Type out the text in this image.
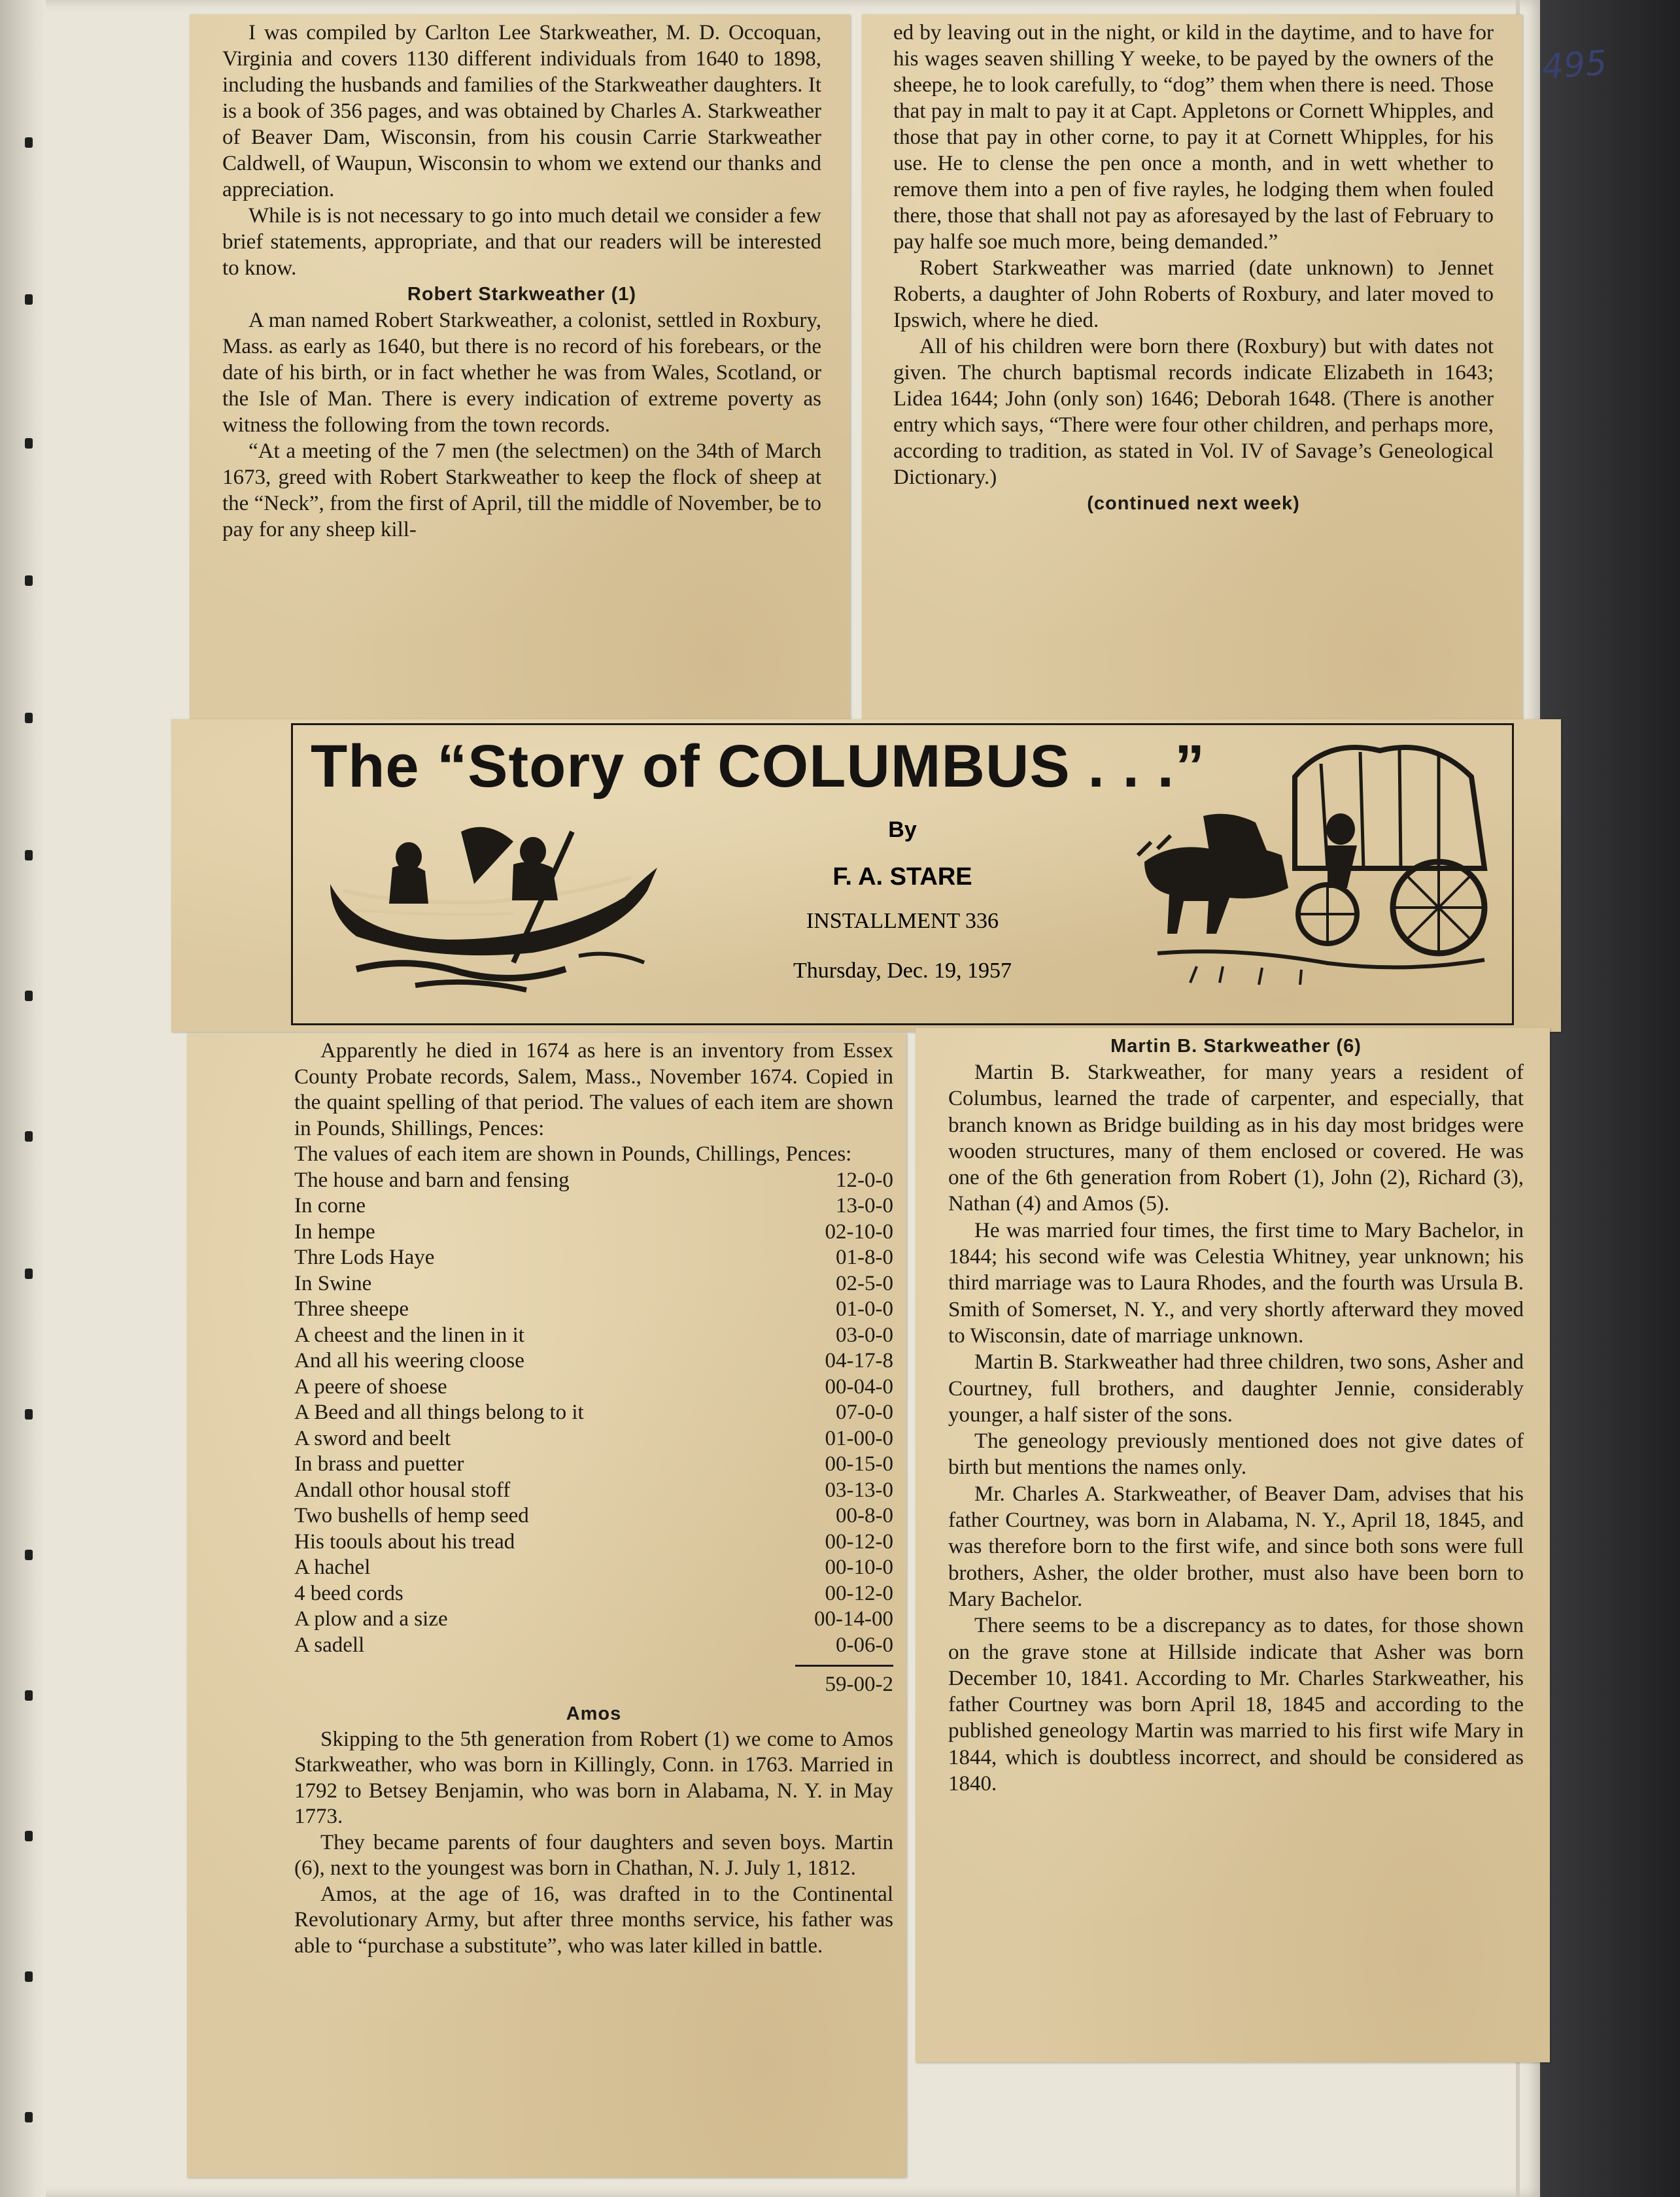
495

I was compiled by Carlton Lee Starkweather, M. D. Occoquan, Virginia and covers 1130 different individuals from 1640 to 1898, including the husbands and families of the Starkweather daughters. It is a book of 356 pages, and was obtained by Charles A. Starkweather of Beaver Dam, Wisconsin, from his cousin Carrie Starkweather Caldwell, of Waupun, Wisconsin to whom we extend our thanks and appreciation.

While is is not necessary to go into much detail we consider a few brief statements, appropriate, and that our readers will be interested to know.

Robert Starkweather (1)

A man named Robert Starkweather, a colonist, settled in Roxbury, Mass. as early as 1640, but there is no record of his forebears, or the date of his birth, or in fact whether he was from Wales, Scotland, or the Isle of Man. There is every indication of extreme poverty as witness the following from the town records.

“At a meeting of the 7 men (the selectmen) on the 34th of March 1673, greed with Robert Starkweather to keep the flock of sheep at the “Neck”, from the first of April, till the middle of November, be to pay for any sheep kill-

ed by leaving out in the night, or kild in the daytime, and to have for his wages seaven shilling Y weeke, to be payed by the owners of the sheepe, he to look carefully, to “dog” them when there is need. Those that pay in malt to pay it at Capt. Appletons or Cornett Whipples, and those that pay in other corne, to pay it at Cornett Whipples, for his use. He to clense the pen once a month, and in wett whether to remove them into a pen of five rayles, he lodging them when fouled there, those that shall not pay as aforesayed by the last of February to pay halfe soe much more, being demanded.”

Robert Starkweather was married (date unknown) to Jennet Roberts, a daughter of John Roberts of Roxbury, and later moved to Ipswich, where he died.

All of his children were born there (Roxbury) but with dates not given. The church baptismal records indicate Elizabeth in 1643; Lidea 1644; John (only son) 1646; Deborah 1648. (There is another entry which says, “There were four other children, and perhaps more, according to tradition, as stated in Vol. IV of Savage’s Geneological Dictionary.)

(continued next week)
The “Story of COLUMBUS . . .”
By
F. A. STARE
INSTALLMENT 336
Thursday, Dec. 19, 1957

Apparently he died in 1674 as here is an inventory from Essex County Probate records, Salem, Mass., November 1674. Copied in the quaint spelling of that period. The values of each item are shown in Pounds, Shillings, Pences:

The values of each item are shown in Pounds, Chillings, Pences:

The house and barn and fensing	12-0-0
In corne	13-0-0
In hempe	02-10-0
Thre Lods Haye	01-8-0
In Swine	02-5-0
Three sheepe	01-0-0
A cheest and the linen in it	03-0-0
And all his weering cloose	04-17-8
A peere of shoese	00-04-0
A Beed and all things belong to it	07-0-0
A sword and beelt	01-00-0
In brass and puetter	00-15-0
Andall othor housal stoff	03-13-0
Two bushells of hemp seed	00-8-0
His toouls about his tread	00-12-0
A hachel	00-10-0
4 beed cords	00-12-0
A plow and a size	00-14-00
A sadell	0-06-0
59-00-2
Amos

Skipping to the 5th generation from Robert (1) we come to Amos Starkweather, who was born in Killingly, Conn. in 1763. Married in 1792 to Betsey Benjamin, who was born in Alabama, N. Y. in May 1773.

They became parents of four daughters and seven boys. Martin (6), next to the youngest was born in Chathan, N. J. July 1, 1812.

Amos, at the age of 16, was drafted in to the Continental Revolutionary Army, but after three months service, his father was able to “purchase a substitute”, who was later killed in battle.

Martin B. Starkweather (6)

Martin B. Starkweather, for many years a resident of Columbus, learned the trade of carpenter, and especially, that branch known as Bridge building as in his day most bridges were wooden structures, many of them enclosed or covered. He was one of the 6th generation from Robert (1), John (2), Richard (3), Nathan (4) and Amos (5).

He was married four times, the first time to Mary Bachelor, in 1844; his second wife was Celestia Whitney, year unknown; his third marriage was to Laura Rhodes, and the fourth was Ursula B. Smith of Somerset, N. Y., and very shortly afterward they moved to Wisconsin, date of marriage unknown.

Martin B. Starkweather had three children, two sons, Asher and Courtney, full brothers, and daughter Jennie, considerably younger, a half sister of the sons.

The geneology previously mentioned does not give dates of birth but mentions the names only.

Mr. Charles A. Starkweather, of Beaver Dam, advises that his father Courtney, was born in Alabama, N. Y., April 18, 1845, and was therefore born to the first wife, and since both sons were full brothers, Asher, the older brother, must also have been born to Mary Bachelor.

There seems to be a discrepancy as to dates, for those shown on the grave stone at Hillside indicate that Asher was born December 10, 1841. According to Mr. Charles Starkweather, his father Courtney was born April 18, 1845 and according to the published geneology Martin was married to his first wife Mary in 1844, which is doubtless incorrect, and should be considered as 1840.
